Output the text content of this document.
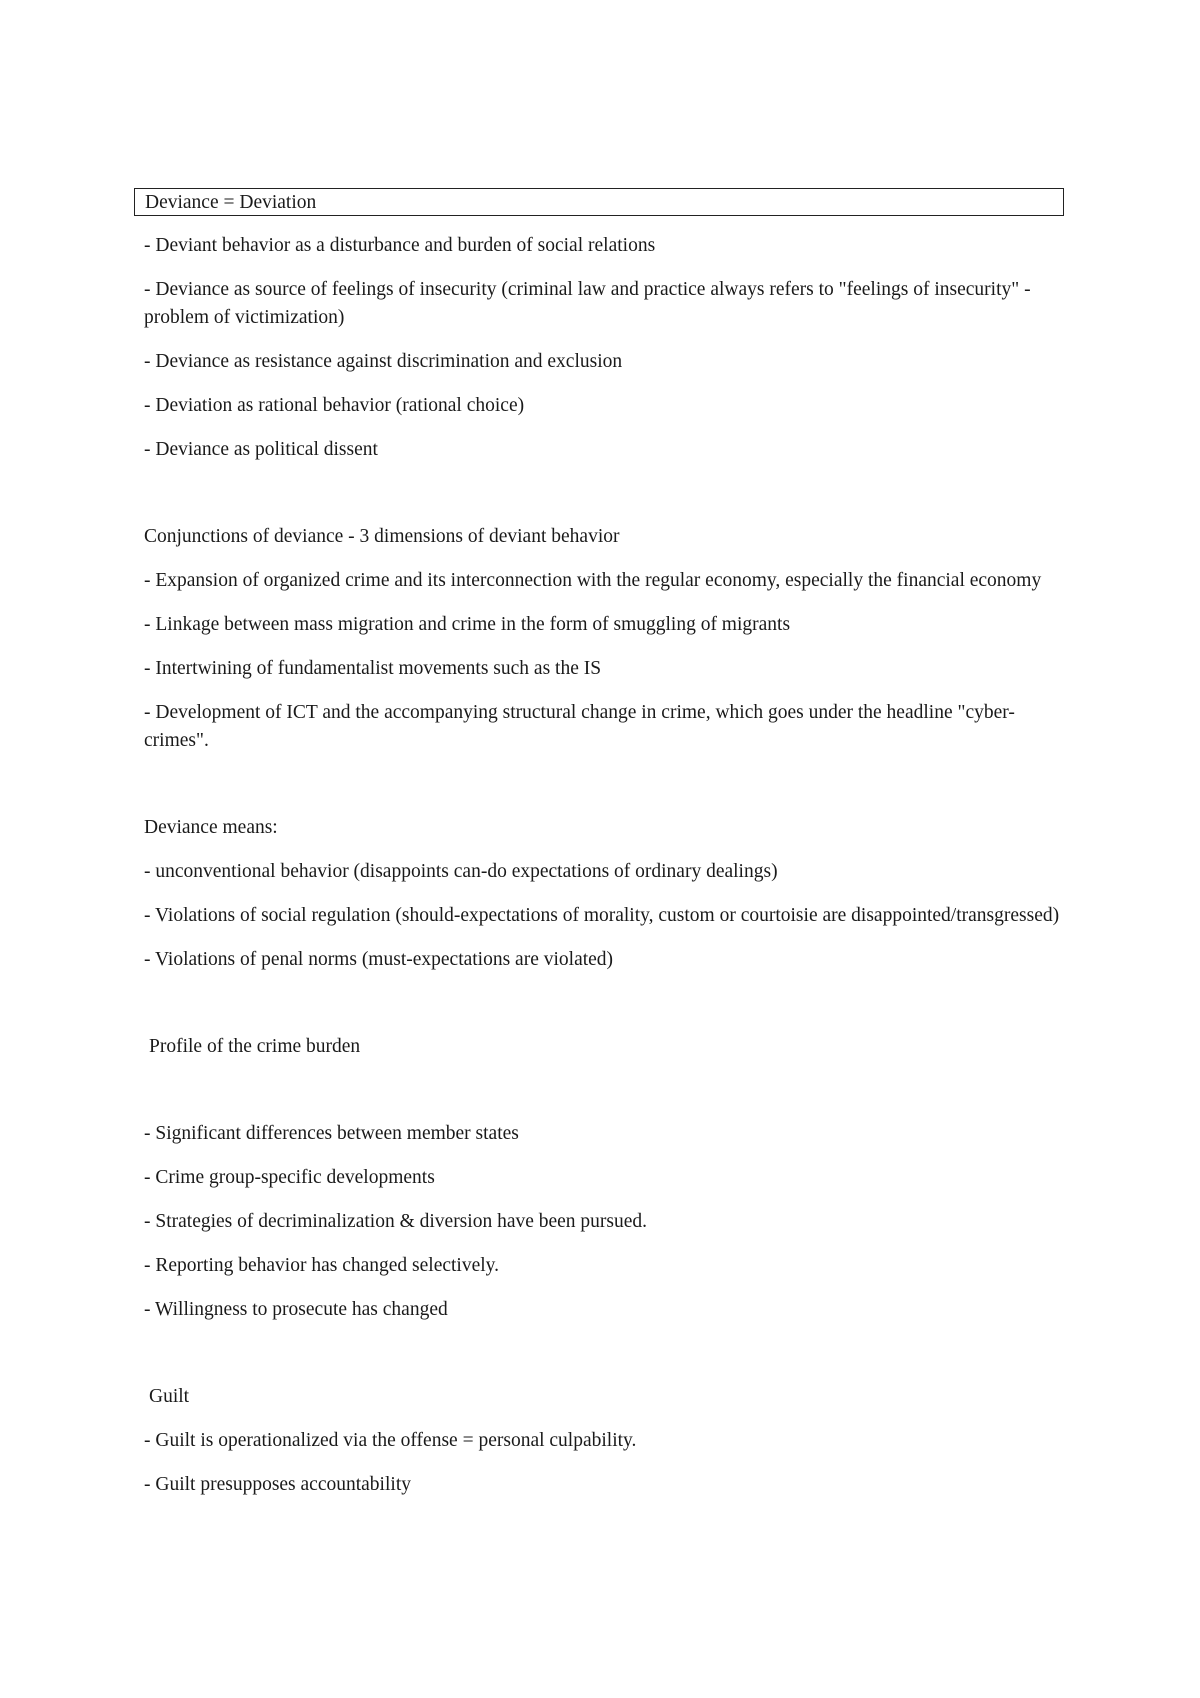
Deviance = Deviation

- Deviant behavior as a disturbance and burden of social relations

- Deviance as source of feelings of insecurity (criminal law and practice always refers to "feelings of insecurity" - problem of victimization)

- Deviance as resistance against discrimination and exclusion

- Deviation as rational behavior (rational choice)

- Deviance as political dissent

Conjunctions of deviance - 3 dimensions of deviant behavior

- Expansion of organized crime and its interconnection with the regular economy, especially the financial economy

- Linkage between mass migration and crime in the form of smuggling of migrants

- Intertwining of fundamentalist movements such as the IS

- Development of ICT and the accompanying structural change in crime, which goes under the headline "cyber-crimes".

Deviance means:

- unconventional behavior (disappoints can-do expectations of ordinary dealings)

- Violations of social regulation (should-expectations of morality, custom or courtoisie are disappointed/transgressed)

- Violations of penal norms (must-expectations are violated)

Profile of the crime burden

- Significant differences between member states

- Crime group-specific developments

- Strategies of decriminalization & diversion have been pursued.

- Reporting behavior has changed selectively.

- Willingness to prosecute has changed

Guilt

- Guilt is operationalized via the offense = personal culpability.

- Guilt presupposes accountability
